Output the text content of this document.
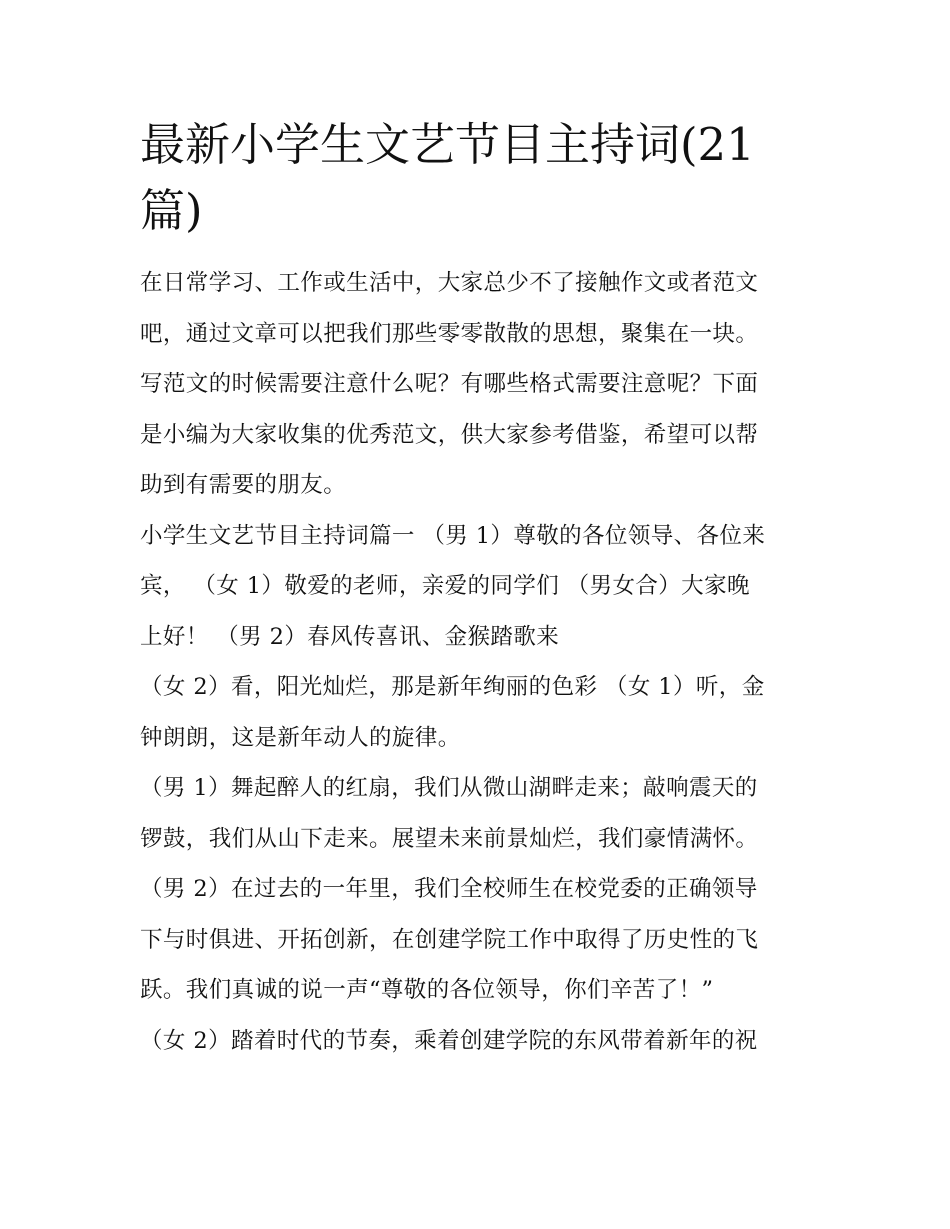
最新小学生文艺节目主持词(21
篇)

在日常学习、工作或生活中，大家总少不了接触作文或者范文
吧，通过文章可以把我们那些零零散散的思想，聚集在一块。
写范文的时候需要注意什么呢？有哪些格式需要注意呢？下面
是小编为大家收集的优秀范文，供大家参考借鉴，希望可以帮
助到有需要的朋友。

小学生文艺节目主持词篇一 （男 1）尊敬的各位领导、各位来
宾， （女 1）敬爱的老师，亲爱的同学们 （男女合）大家晚
上好！ （男 2）春风传喜讯、金猴踏歌来

（女 2）看，阳光灿烂，那是新年绚丽的色彩 （女 1）听，金
钟朗朗，这是新年动人的旋律。

（男 1）舞起醉人的红扇，我们从微山湖畔走来；敲响震天的
锣鼓，我们从山下走来。展望未来前景灿烂，我们豪情满怀。

（男 2）在过去的一年里，我们全校师生在校党委的正确领导
下与时俱进、开拓创新，在创建学院工作中取得了历史性的飞
跃。我们真诚的说一声“尊敬的各位领导，你们辛苦了！”

（女 2）踏着时代的节奏，乘着创建学院的东风带着新年的祝
